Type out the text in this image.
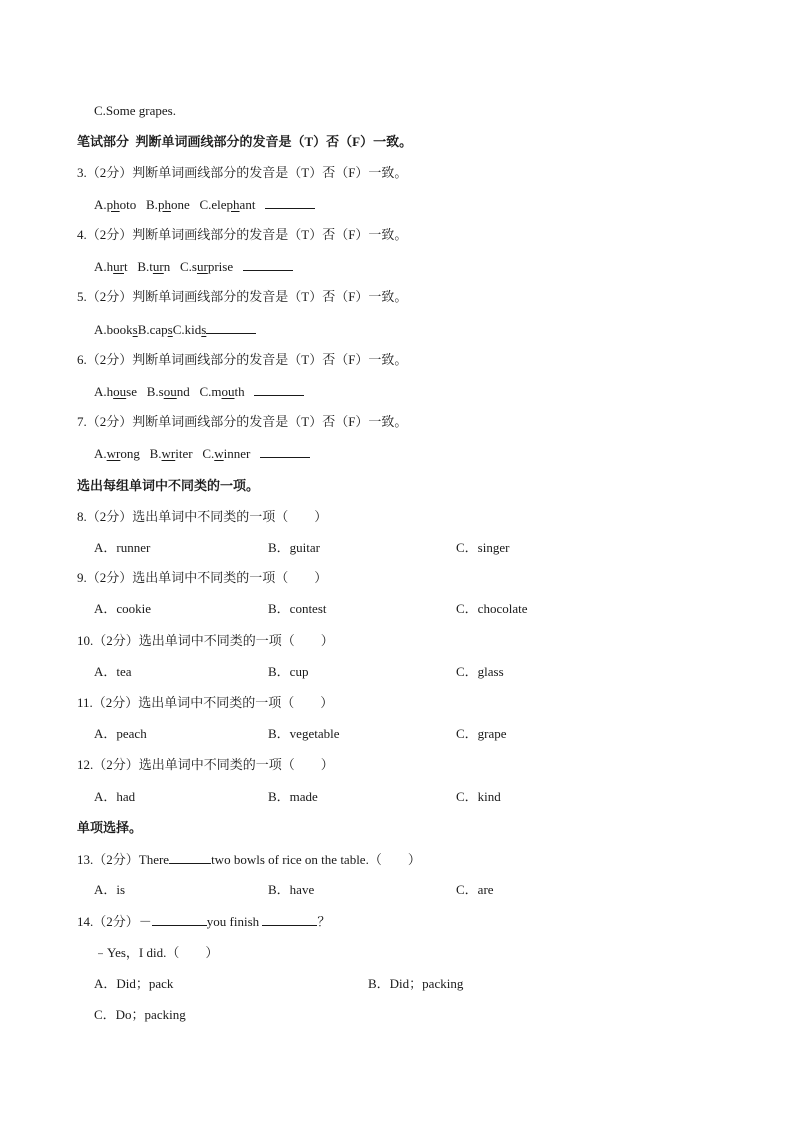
C.Some grapes.
笔试部分  判断单词画线部分的发音是（T）否（F）一致。
3.（2分）判断单词画线部分的发音是（T）否（F）一致。
A.photo B.phone C.elephant
4.（2分）判断单词画线部分的发音是（T）否（F）一致。
A.hurt B.turn C.surprise
5.（2分）判断单词画线部分的发音是（T）否（F）一致。
A.booksB.capsC.kids
6.（2分）判断单词画线部分的发音是（T）否（F）一致。
A.house B.sound C.mouth
7.（2分）判断单词画线部分的发音是（T）否（F）一致。
A.wrong B.writer C.winner
选出每组单词中不同类的一项。
8.（2分）选出单词中不同类的一项（　　）
A．runner	B．guitar	C．singer
9.（2分）选出单词中不同类的一项（　　）
A．cookie	B．contest	C．chocolate
10.（2分）选出单词中不同类的一项（　　）
A．tea	B．cup	C．glass
11.（2分）选出单词中不同类的一项（　　）
A．peach	B．vegetable	C．grape
12.（2分）选出单词中不同类的一项（　　）
A．had	B．made	C．kind
单项选择。
13.（2分）There	two bowls of rice on the table.（　　）
A．is	B．have	C．are
14.（2分）－	you finish	？
﹣Yes，I did.（　　）
A．Did；pack	B．Did；packing
C．Do；packing
